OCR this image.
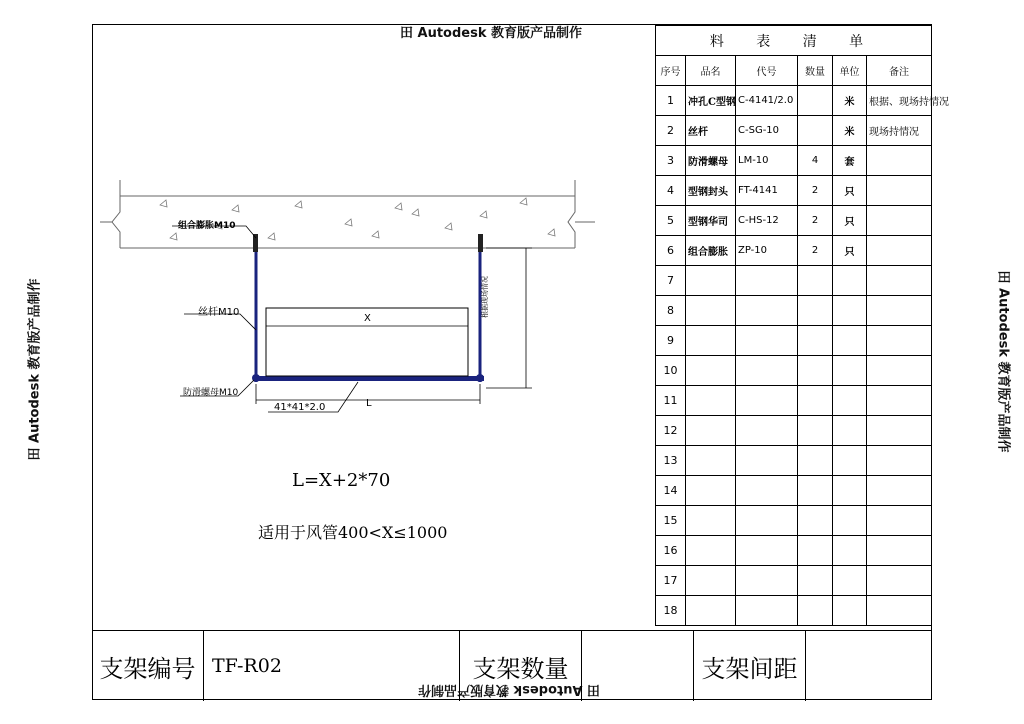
田 Autodesk 教育版产品制作
田 Autodesk 教育版产品制作
田 Autodesk 教育版产品制作	田 Autodesk 教育版产品制作
组合膨胀M10
丝杆M10
防滑螺母M10
41*41*2.0
X
L
根据现场情况
L=X+2*70
适用于风管400<X≤1000
料 表 清 单					
序号	品名	代号	数量	单位	备注
1	冲孔C型钢	C-4141/2.0		米	根据、现场持情况
2	丝杆	C-SG-10		米	现场持情况
3	防滑螺母	LM-10	4	套	
4	型钢封头	FT-4141	2	只	
5	型钢华司	C-HS-12	2	只	
6	组合膨胀	ZP-10	2	只	
7					
8					
9					
10					
11					
12					
13					
14					
15					
16					
17					
18					
支架编号 TF-R02	支架数量	支架间距
